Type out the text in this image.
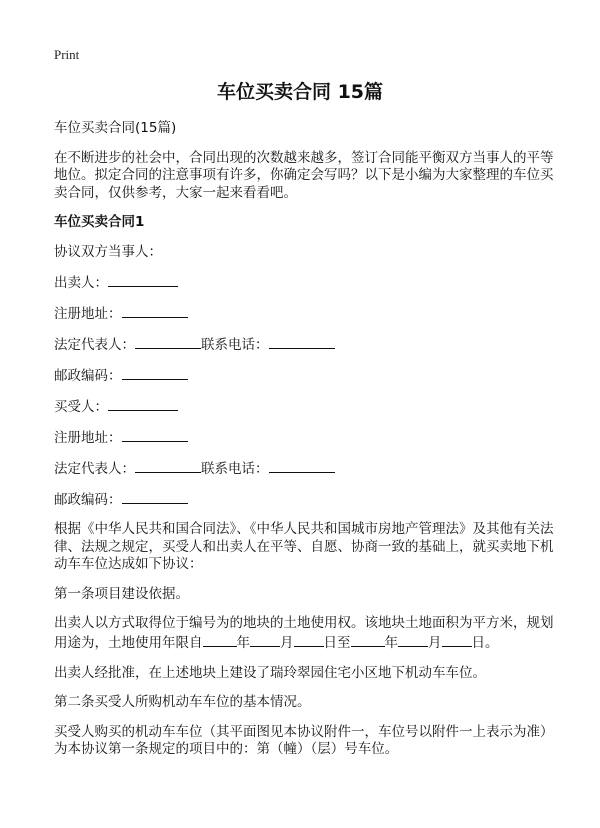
Print
车位买卖合同 15篇

车位买卖合同(15篇)

在不断进步的社会中，合同出现的次数越来越多，签订合同能平衡双方当事人的平等地位。拟定合同的注意事项有许多，你确定会写吗？以下是小编为大家整理的车位买卖合同，仅供参考，大家一起来看看吧。

车位买卖合同1

协议双方当事人：

出卖人：
注册地址：
法定代表人：	联系电话：
邮政编码：
买受人：
注册地址：
法定代表人：	联系电话：
邮政编码：

根据《中华人民共和国合同法》、《中华人民共和国城市房地产管理法》及其他有关法律、法规之规定，买受人和出卖人在平等、自愿、协商一致的基础上，就买卖地下机动车车位达成如下协议：

第一条项目建设依据。

出卖人以方式取得位于编号为的地块的土地使用权。该地块土地面积为平方米，规划用途为，土地使用年限自	年 月 日至	年 月 日。

出卖人经批准，在上述地块上建设了瑞玲翠园住宅小区地下机动车车位。

第二条买受人所购机动车车位的基本情况。

买受人购买的机动车车位（其平面图见本协议附件一，车位号以附件一上表示为准）为本协议第一条规定的项目中的：第（幢）（层）号车位。
